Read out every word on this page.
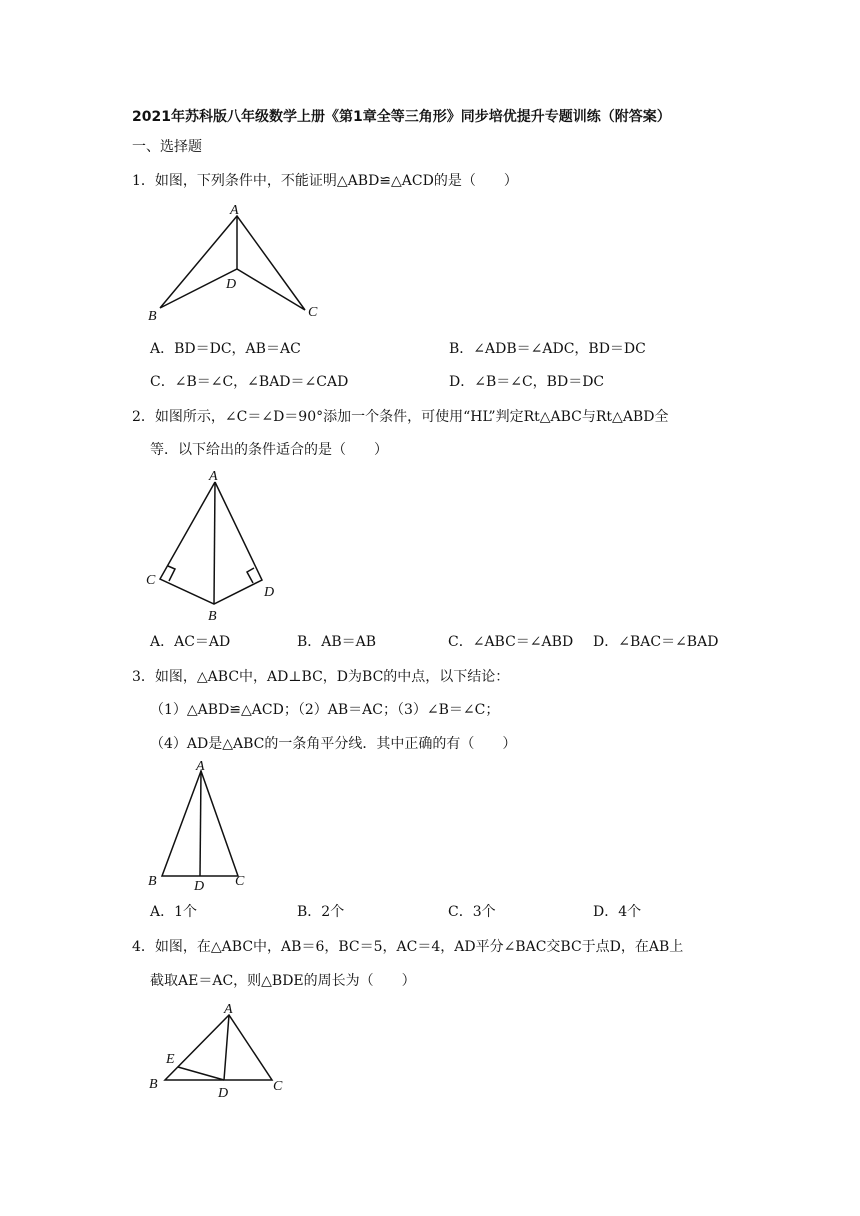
2021年苏科版八年级数学上册《第1章全等三角形》同步培优提升专题训练（附答案）
一、选择题
1．如图，下列条件中，不能证明△ABD≌△ACD的是（　　）
A
B	C
D
A．BD＝DC，AB＝AC	B．∠ADB＝∠ADC，BD＝DC
C．∠B＝∠C，∠BAD＝∠CAD	D．∠B＝∠C，BD＝DC
2．如图所示，∠C＝∠D＝90°添加一个条件，可使用“HL”判定Rt△ABC与Rt△ABD全
等．以下给出的条件适合的是（　　）
A
B
C
D
A．AC＝AD	B．AB＝AB	C．∠ABC＝∠ABD D．∠BAC＝∠BAD
3．如图，△ABC中，AD⊥BC，D为BC的中点，以下结论：
（1）△ABD≌△ACD；（2）AB＝AC；（3）∠B＝∠C；
（4）AD是△ABC的一条角平分线．其中正确的有（　　）
A
B	C
D
A．1个	B．2个	C．3个	D．4个
4．如图，在△ABC中，AB＝6，BC＝5，AC＝4，AD平分∠BAC交BC于点D，在AB上
截取AE＝AC，则△BDE的周长为（　　）
A
B	C
D
E
